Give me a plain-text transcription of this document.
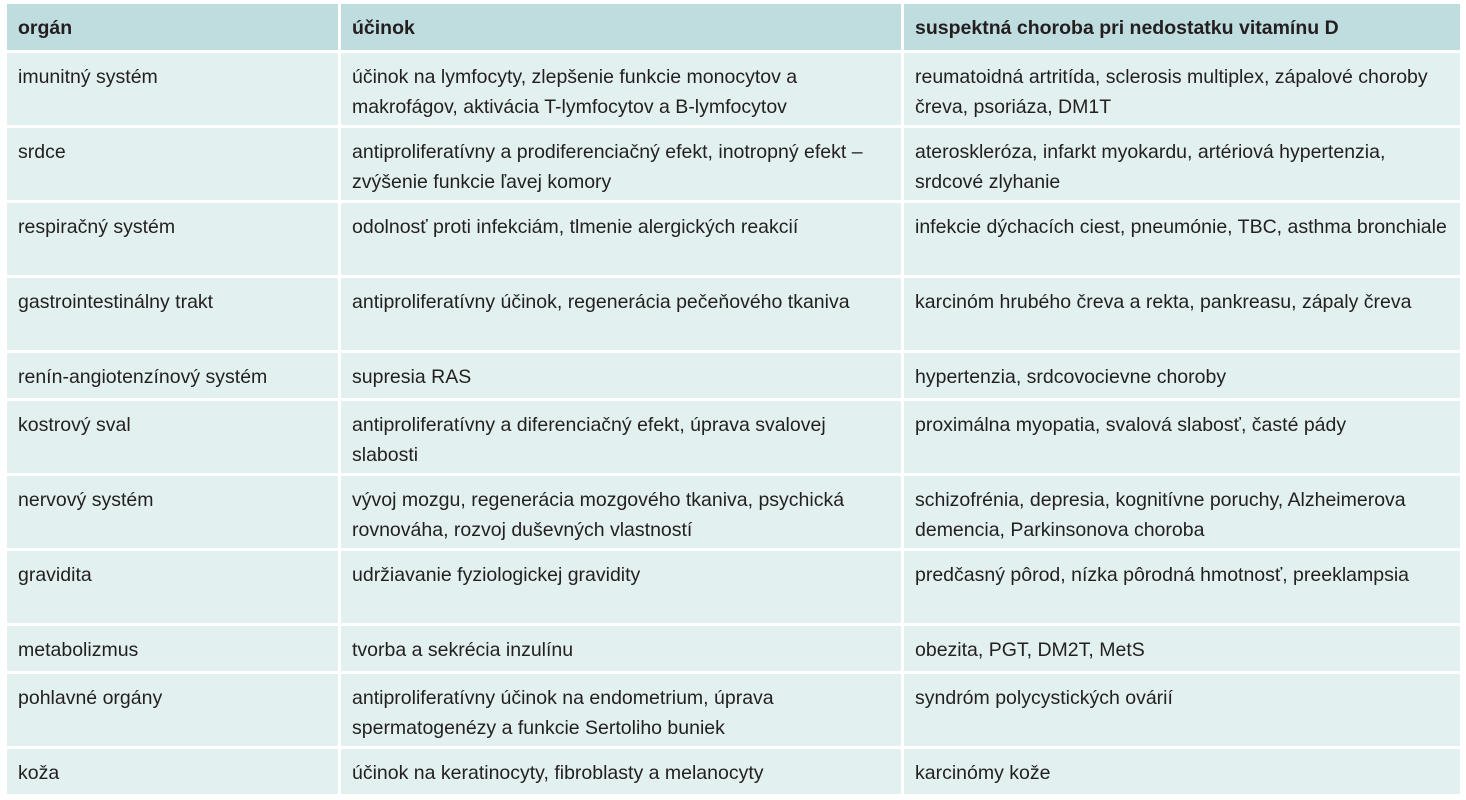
orgán	účinok	suspektná choroba pri nedostatku vitamínu D
imunitný systém	účinok na lymfocyty, zlepšenie funkcie monocytov a makrofágov, aktivácia T-lymfocytov a B-lymfocytov	reumatoidná artritída, sclerosis multiplex, zápalové choroby čreva, psoriáza, DM1T
srdce	antiproliferatívny a prodiferenciačný efekt, inotropný efekt – zvýšenie funkcie ľavej komory	ateroskleróza, infarkt myokardu, artériová hypertenzia, srdcové zlyhanie
respiračný systém	odolnosť proti infekciám, tlmenie alergických reakcií	infekcie dýchacích ciest, pneumónie, TBC, asthma bronchiale
gastrointestinálny trakt	antiproliferatívny účinok, regenerácia pečeňového tkaniva	karcinóm hrubého čreva a rekta, pankreasu, zápaly čreva
renín-angiotenzínový systém	supresia RAS	hypertenzia, srdcovocievne choroby
kostrový sval	antiproliferatívny a diferenciačný efekt, úprava svalovej slabosti	proximálna myopatia, svalová slabosť, časté pády
nervový systém	vývoj mozgu, regenerácia mozgového tkaniva, psychická rovnováha, rozvoj duševných vlastností	schizofrénia, depresia, kognitívne poruchy, Alzheimerova demencia, Parkinsonova choroba
gravidita	udržiavanie fyziologickej gravidity	predčasný pôrod, nízka pôrodná hmotnosť, preeklampsia
metabolizmus	tvorba a sekrécia inzulínu	obezita, PGT, DM2T, MetS
pohlavné orgány	antiproliferatívny účinok na endometrium, úprava spermatogenézy a funkcie Sertoliho buniek	syndróm polycystických ovárií
koža	účinok na keratinocyty, fibroblasty a melanocyty	karcinómy kože
